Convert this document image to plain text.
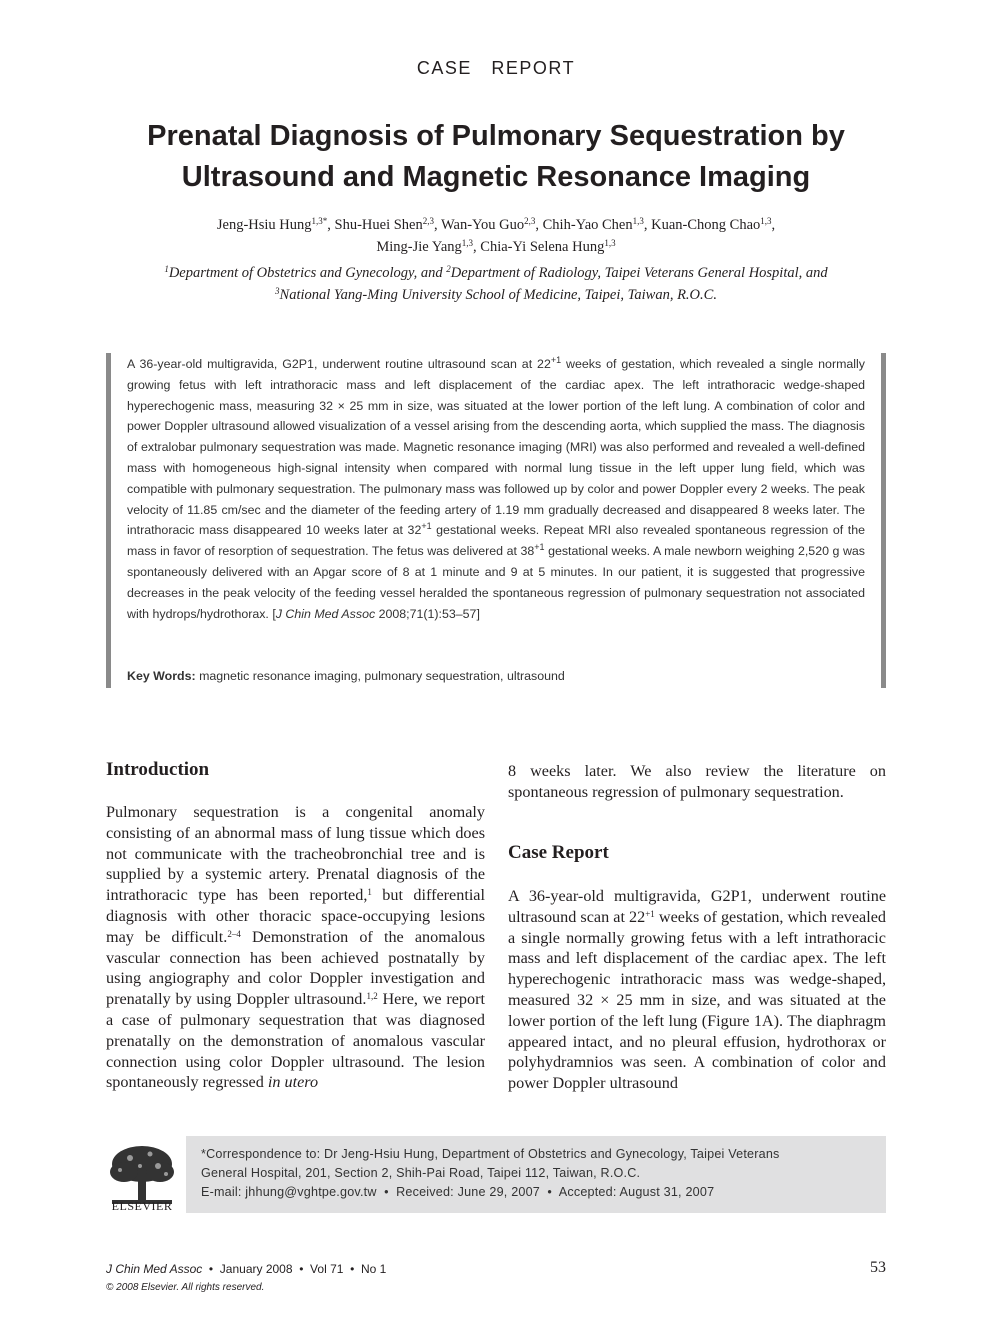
CASE   REPORT
Prenatal Diagnosis of Pulmonary Sequestration by
Ultrasound and Magnetic Resonance Imaging
Jeng-Hsiu Hung$^{1,3*}$, Shu-Huei Shen$^{2,3}$, Wan-You Guo$^{2,3}$, Chih-Yao Chen$^{1,3}$, Kuan-Chong Chao$^{1,3}$,
Ming-Jie Yang$^{1,3}$, Chia-Yi Selena Hung$^{1,3}$
$^1$Department of Obstetrics and Gynecology, and $^2$Department of Radiology, Taipei Veterans General Hospital, and
$^3$National Yang-Ming University School of Medicine, Taipei, Taiwan, R.O.C.

A 36-year-old multigravida, G2P1, underwent routine ultrasound scan at $22^{+1}$ weeks of gestation, which revealed a single normally growing fetus with left intrathoracic mass and left displacement of the cardiac apex. The left intrathoracic wedge-shaped hyperechogenic mass, measuring 32 × 25 mm in size, was situated at the lower portion of the left lung. A combination of color and power Doppler ultrasound allowed visualization of a vessel arising from the descending aorta, which supplied the mass. The diagnosis of extralobar pulmonary sequestration was made. Magnetic resonance imaging (MRI) was also performed and revealed a well-defined mass with homogeneous high-signal intensity when compared with normal lung tissue in the left upper lung field, which was compatible with pulmonary sequestration. The pulmonary mass was followed up by color and power Doppler every 2 weeks. The peak velocity of 11.85 cm/sec and the diameter of the feeding artery of 1.19 mm gradually decreased and disappeared 8 weeks later. The intrathoracic mass disappeared 10 weeks later at $32^{+1}$ gestational weeks. Repeat MRI also revealed spontaneous regression of the mass in favor of resorption of sequestration. The fetus was delivered at $38^{+1}$ gestational weeks. A male newborn weighing 2,520 g was spontaneously delivered with an Apgar score of 8 at 1 minute and 9 at 5 minutes. In our patient, it is suggested that progressive decreases in the peak velocity of the feeding vessel heralded the spontaneous regression of pulmonary sequestration not associated with hydrops/hydrothorax. [J Chin Med Assoc 2008;71(1):53–57]

Key Words: magnetic resonance imaging, pulmonary sequestration, ultrasound
Introduction

Pulmonary sequestration is a congenital anomaly consisting of an abnormal mass of lung tissue which does not communicate with the tracheobronchial tree and is supplied by a systemic artery. Prenatal diagnosis of the intrathoracic type has been reported,$^1$ but differential diagnosis with other thoracic space-occupying lesions may be difficult.$^{2-4}$ Demonstration of the anomalous vascular connection has been achieved postnatally by using angiography and color Doppler investigation and prenatally by using Doppler ultrasound.$^{1,2}$ Here, we report a case of pulmonary sequestration that was diagnosed prenatally on the demonstration of anomalous vascular connection using color Doppler ultrasound. The lesion spontaneously regressed in utero

8 weeks later. We also review the literature on spontaneous regression of pulmonary sequestration.

Case Report

A 36-year-old multigravida, G2P1, underwent routine ultrasound scan at $22^{+1}$ weeks of gestation, which revealed a single normally growing fetus with a left intrathoracic mass and left displacement of the cardiac apex. The left hyperechogenic intrathoracic mass was wedge-shaped, measured 32 × 25 mm in size, and was situated at the lower portion of the left lung (Figure 1A). The diaphragm appeared intact, and no pleural effusion, hydrothorax or polyhydramnios was seen. A combination of color and power Doppler ultrasound

ELSEVIER
*Correspondence to: Dr Jeng-Hsiu Hung, Department of Obstetrics and Gynecology, Taipei Veterans
General Hospital, 201, Section 2, Shih-Pai Road, Taipei 112, Taiwan, R.O.C.
E-mail: jhhung@vghtpe.gov.tw  •  Received: June 29, 2007  •  Accepted: August 31, 2007
J Chin Med Assoc  •  January 2008  •  Vol 71  •  No 1
© 2008 Elsevier. All rights reserved.
53
